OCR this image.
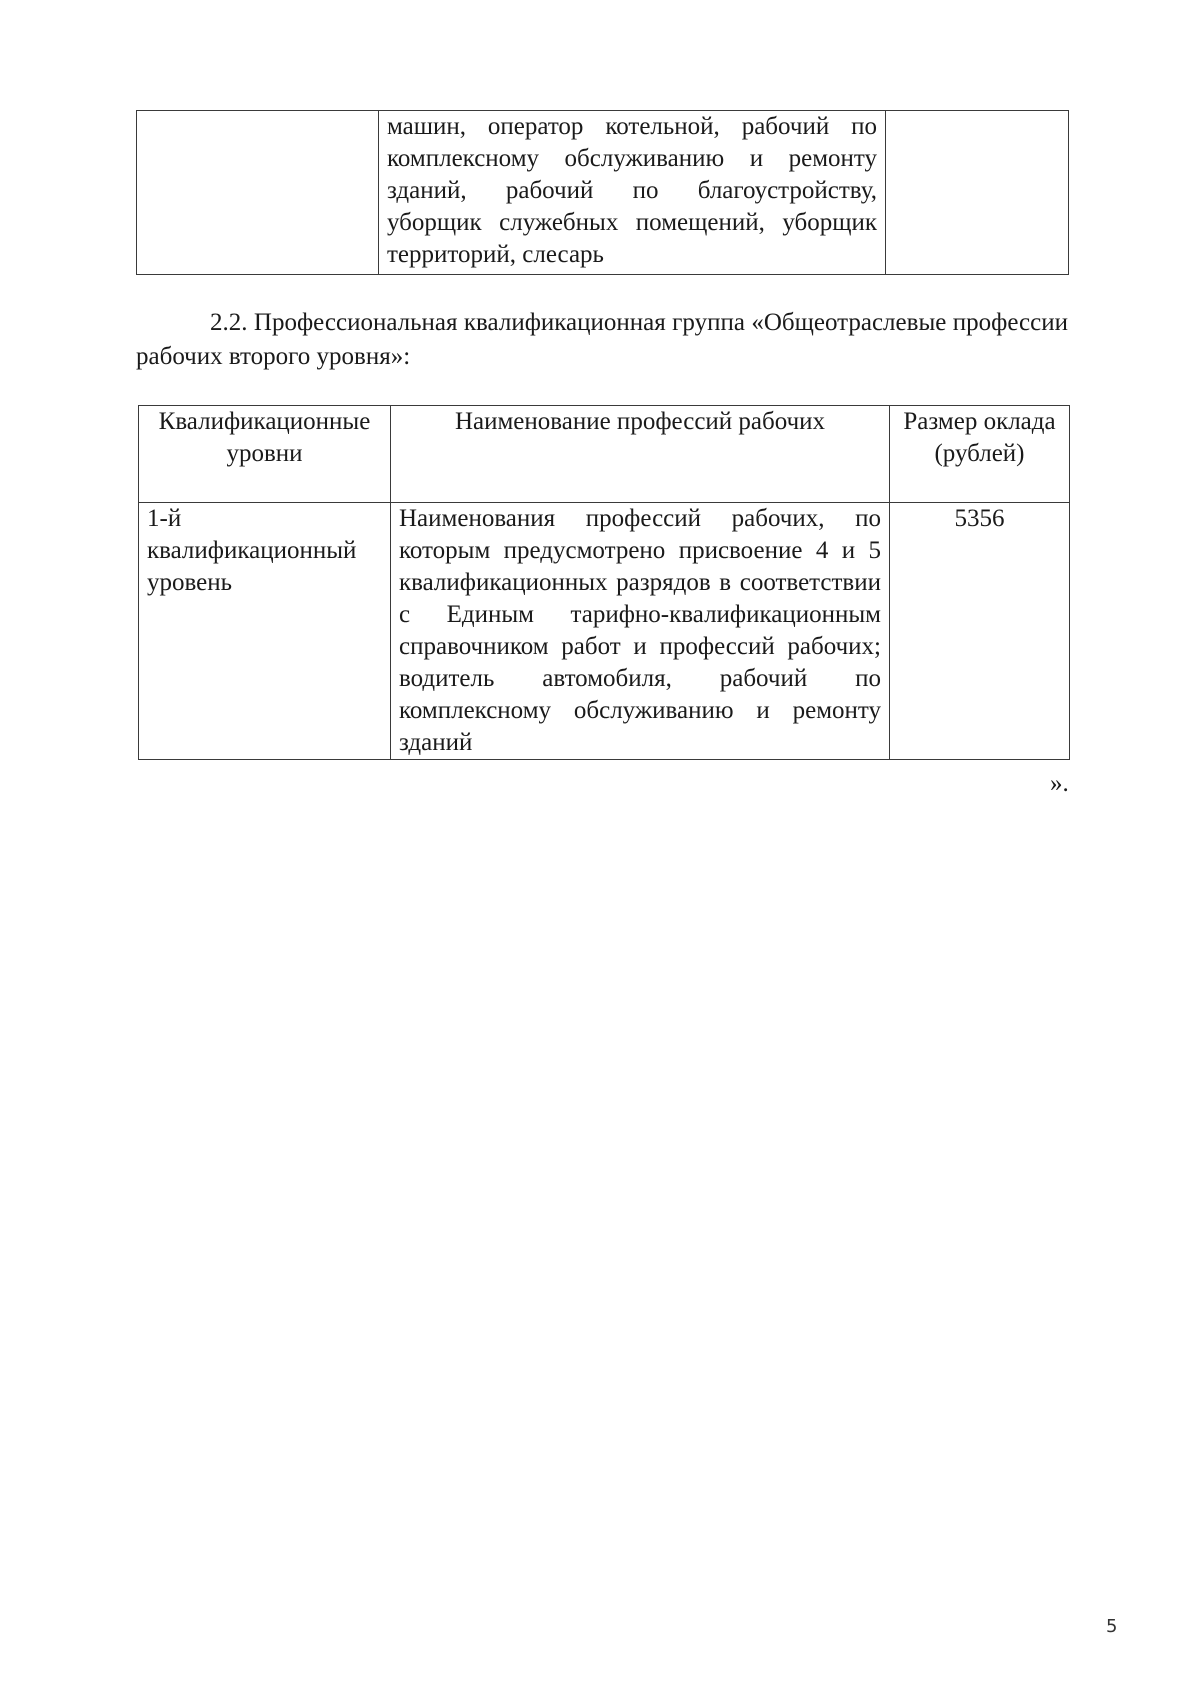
	машин, оператор котельной, рабочий по комплексному обслуживанию и ремонту зданий, рабочий по благоустройству, уборщик служебных помещений, уборщик территорий, слесарь	

2.2. Профессиональная квалификационная группа «Общеотраслевые профессии рабочих второго уровня»:

Квалификационные уровни	Наименование профессий рабочих	Размер оклада (рублей)
1-й квалификационный уровень	Наименования профессий рабочих, по которым предусмотрено присвоение 4 и 5 квалификационных разрядов в соответствии с Единым тарифно-квалификационным справочником работ и профессий рабочих; водитель автомобиля, рабочий по комплексному обслуживанию и ремонту зданий	5356
».
5
